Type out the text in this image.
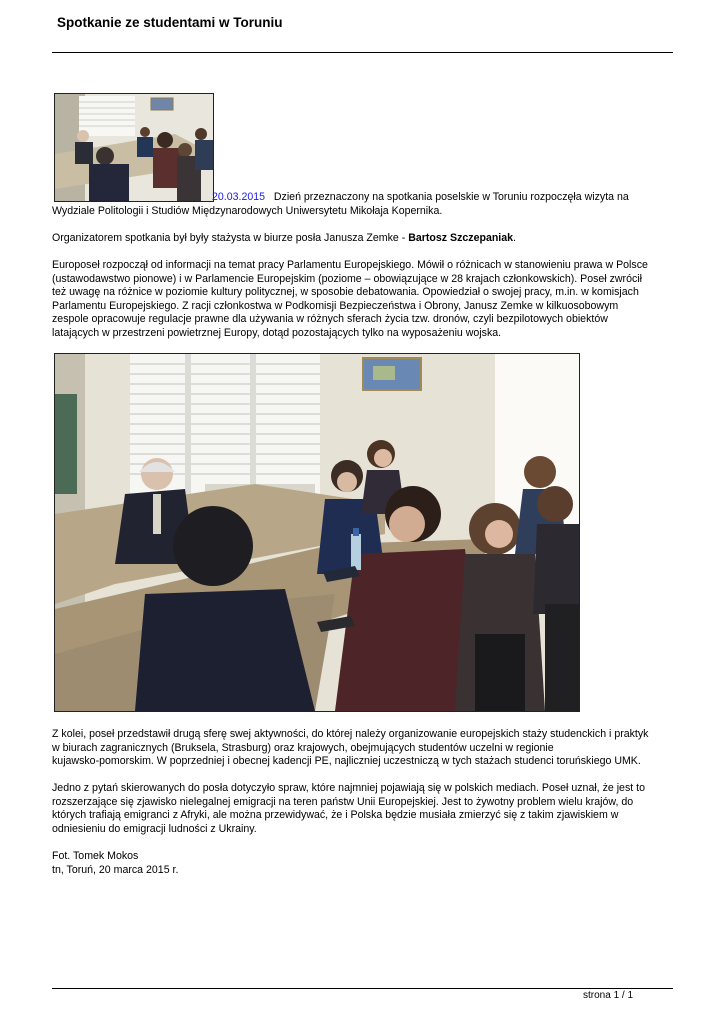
Spotkanie ze studentami w Toruniu
20.03.2015 Dzień przeznaczony na spotkania poselskie w Toruniu rozpoczęła wizyta na
Wydziale Politologii i Studiów Międzynarodowych Uniwersytetu Mikołaja Kopernika.
Organizatorem spotkania był były stażysta w biurze posła Janusza Zemke - Bartosz Szczepaniak.
Europoseł rozpoczął od informacji na temat pracy Parlamentu Europejskiego. Mówił o różnicach w stanowieniu prawa w Polsce
(ustawodawstwo pionowe) i w Parlamencie Europejskim (poziome – obowiązujące w 28 krajach członkowskich). Poseł zwrócił
też uwagę na różnice w poziomie kultury politycznej, w sposobie debatowania. Opowiedział o swojej pracy, m.in. w komisjach
Parlamentu Europejskiego. Z racji członkostwa w Podkomisji Bezpieczeństwa i Obrony, Janusz Zemke w kilkuosobowym
zespole opracowuje regulacje prawne dla używania w różnych sferach życia tzw. dronów, czyli bezpilotowych obiektów
latających w przestrzeni powietrznej Europy, dotąd pozostających tylko na wyposażeniu wojska.
Z kolei, poseł przedstawił drugą sferę swej aktywności, do której należy organizowanie europejskich staży studenckich i praktyk
w biurach zagranicznych (Bruksela, Strasburg) oraz krajowych, obejmujących studentów uczelni w regionie
kujawsko-pomorskim. W poprzedniej i obecnej kadencji PE, najliczniej uczestniczą w tych stażach studenci toruńskiego UMK.
Jedno z pytań skierowanych do posła dotyczyło spraw, które najmniej pojawiają się w polskich mediach. Poseł uznał, że jest to
rozszerzające się zjawisko nielegalnej emigracji na teren państw Unii Europejskiej. Jest to żywotny problem wielu krajów, do
których trafiają emigranci z Afryki, ale można przewidywać, że i Polska będzie musiała zmierzyć się z takim zjawiskiem w
odniesieniu do emigracji ludności z Ukrainy.
Fot. Tomek Mokos
tn, Toruń, 20 marca 2015 r.
strona 1 / 1
